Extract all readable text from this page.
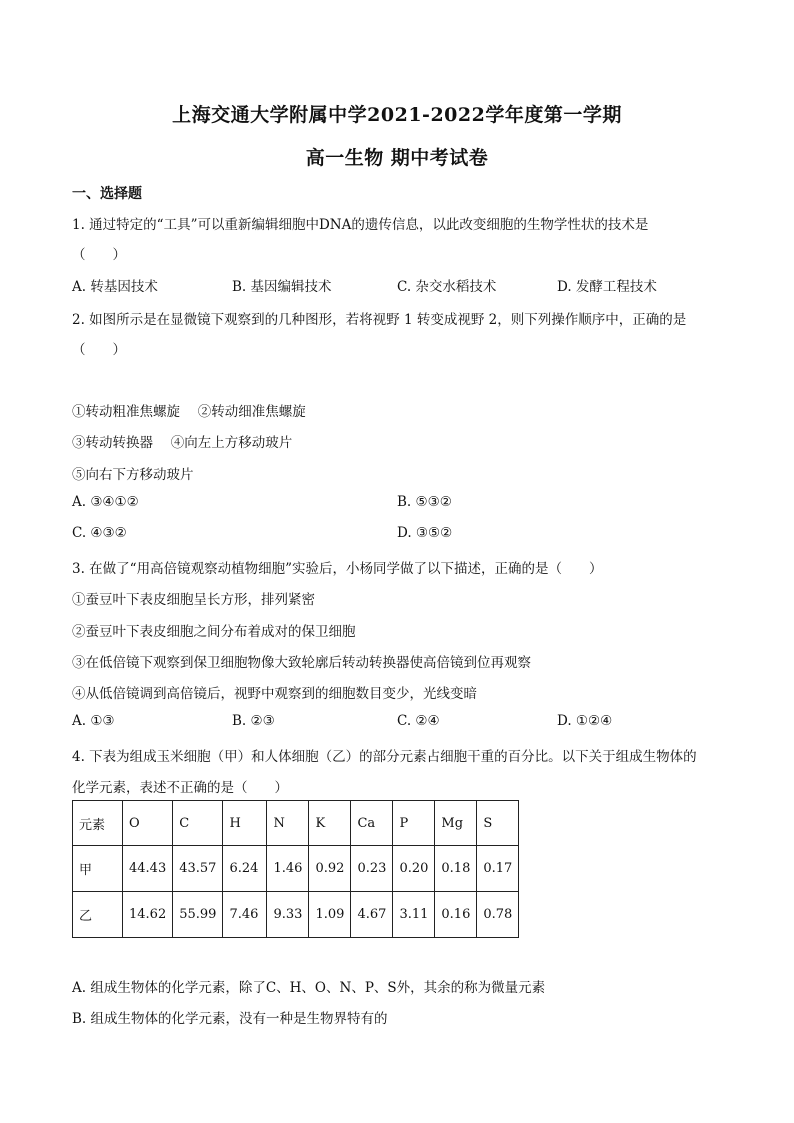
上海交通大学附属中学2021-2022学年度第一学期
高一生物 期中考试卷
一、选择题
1. 通过特定的“工具”可以重新编辑细胞中DNA的遗传信息，以此改变细胞的生物学性状的技术是
（　　）
A. 转基因技术	B. 基因编辑技术	C. 杂交水稻技术	D. 发酵工程技术
2. 如图所示是在显微镜下观察到的几种图形，若将视野 1 转变成视野 2，则下列操作顺序中，正确的是
（　　）
①转动粗准焦螺旋　 ②转动细准焦螺旋
③转动转换器　 ④向左上方移动玻片
⑤向右下方移动玻片
A. ③④①②	B. ⑤③②
C. ④③②	D. ③⑤②
3. 在做了“用高倍镜观察动植物细胞”实验后，小杨同学做了以下描述，正确的是（　　）
①蚕豆叶下表皮细胞呈长方形，排列紧密
②蚕豆叶下表皮细胞之间分布着成对的保卫细胞
③在低倍镜下观察到保卫细胞物像大致轮廓后转动转换器使高倍镜到位再观察
④从低倍镜调到高倍镜后，视野中观察到的细胞数目变少，光线变暗
A. ①③	B. ②③	C. ②④	D. ①②④
4. 下表为组成玉米细胞（甲）和人体细胞（乙）的部分元素占细胞干重的百分比。以下关于组成生物体的
化学元素，表述不正确的是（　　）
元素	O	C	H	N	K	Ca	P	Mg	S
甲	44.43	43.57	6.24	1.46	0.92	0.23	0.20	0.18	0.17
乙	14.62	55.99	7.46	9.33	1.09	4.67	3.11	0.16	0.78
A. 组成生物体的化学元素，除了C、H、O、N、P、S外，其余的称为微量元素
B. 组成生物体的化学元素，没有一种是生物界特有的
